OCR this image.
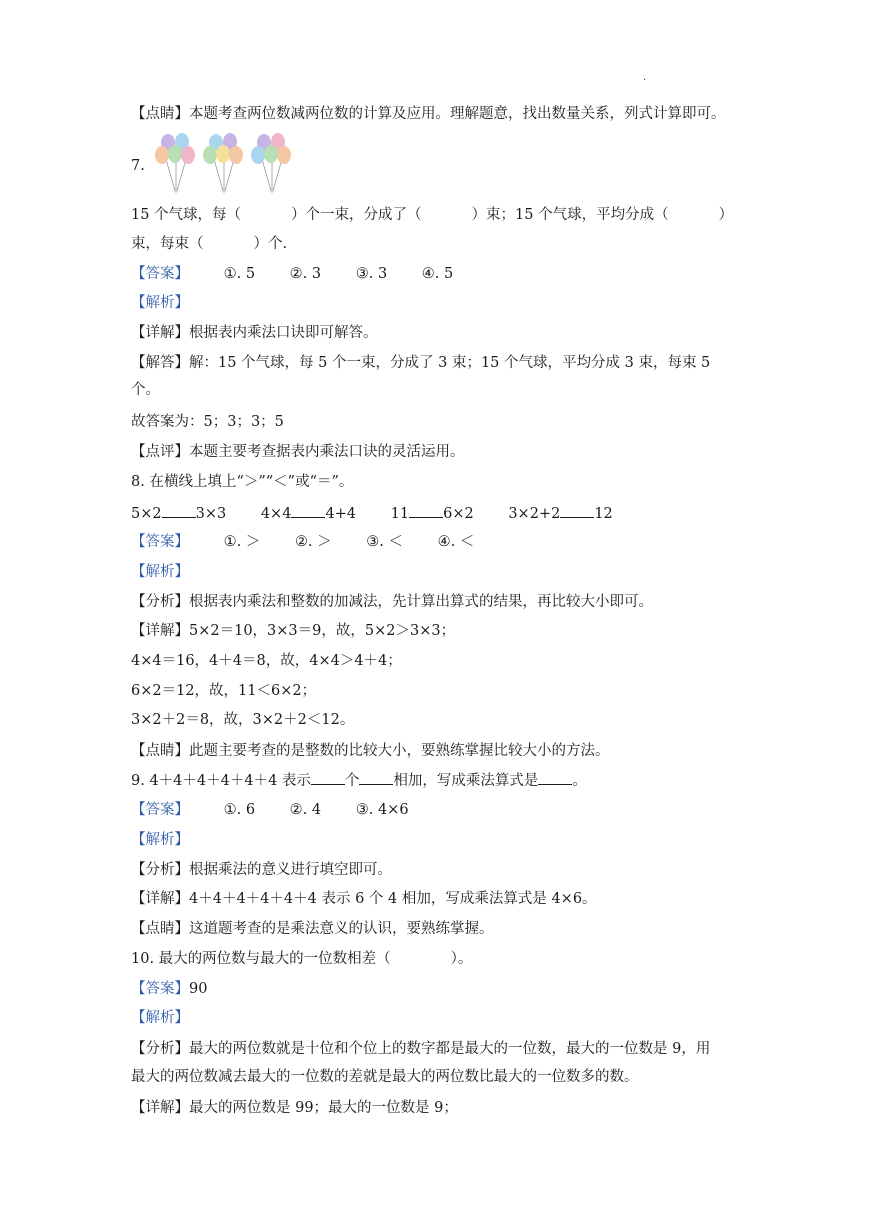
.
【点睛】本题考查两位数减两位数的计算及应用。理解题意，找出数量关系，列式计算即可。
7.
15 个气球，每（	）个一束，分成了（	）束；15 个气球，平均分成（	）
束，每束（	）个.
【答案】 ①. 5 ②. 3 ③. 3 ④. 5
【解析】
【详解】根据表内乘法口诀即可解答。
【解答】解：15 个气球，每 5 个一束，分成了 3 束；15 个气球，平均分成 3 束，每束 5
个。
故答案为：5；3；3；5
【点评】本题主要考查据表内乘法口诀的灵活运用。
8. 在横线上填上“＞”“＜”或“＝”。
5×2 3×3 4×4 4+4 11 6×2 3×2+2 12
【答案】 ①. ＞ ②. ＞ ③. ＜ ④. ＜
【解析】
【分析】根据表内乘法和整数的加减法，先计算出算式的结果，再比较大小即可。
【详解】5×2＝10，3×3＝9，故，5×2＞3×3；
4×4＝16，4＋4＝8，故，4×4＞4＋4；
6×2＝12，故，11＜6×2；
3×2＋2＝8，故，3×2＋2＜12。
【点睛】此题主要考查的是整数的比较大小，要熟练掌握比较大小的方法。
9. 4＋4＋4＋4＋4＋4 表示 个 相加，写成乘法算式是 。
【答案】 ①. 6 ②. 4 ③. 4×6
【解析】
【分析】根据乘法的意义进行填空即可。
【详解】4＋4＋4＋4＋4＋4 表示 6 个 4 相加，写成乘法算式是 4×6。
【点睛】这道题考查的是乘法意义的认识，要熟练掌握。
10. 最大的两位数与最大的一位数相差（	）。
【答案】90
【解析】
【分析】最大的两位数就是十位和个位上的数字都是最大的一位数，最大的一位数是 9，用
最大的两位数减去最大的一位数的差就是最大的两位数比最大的一位数多的数。
【详解】最大的两位数是 99；最大的一位数是 9；
